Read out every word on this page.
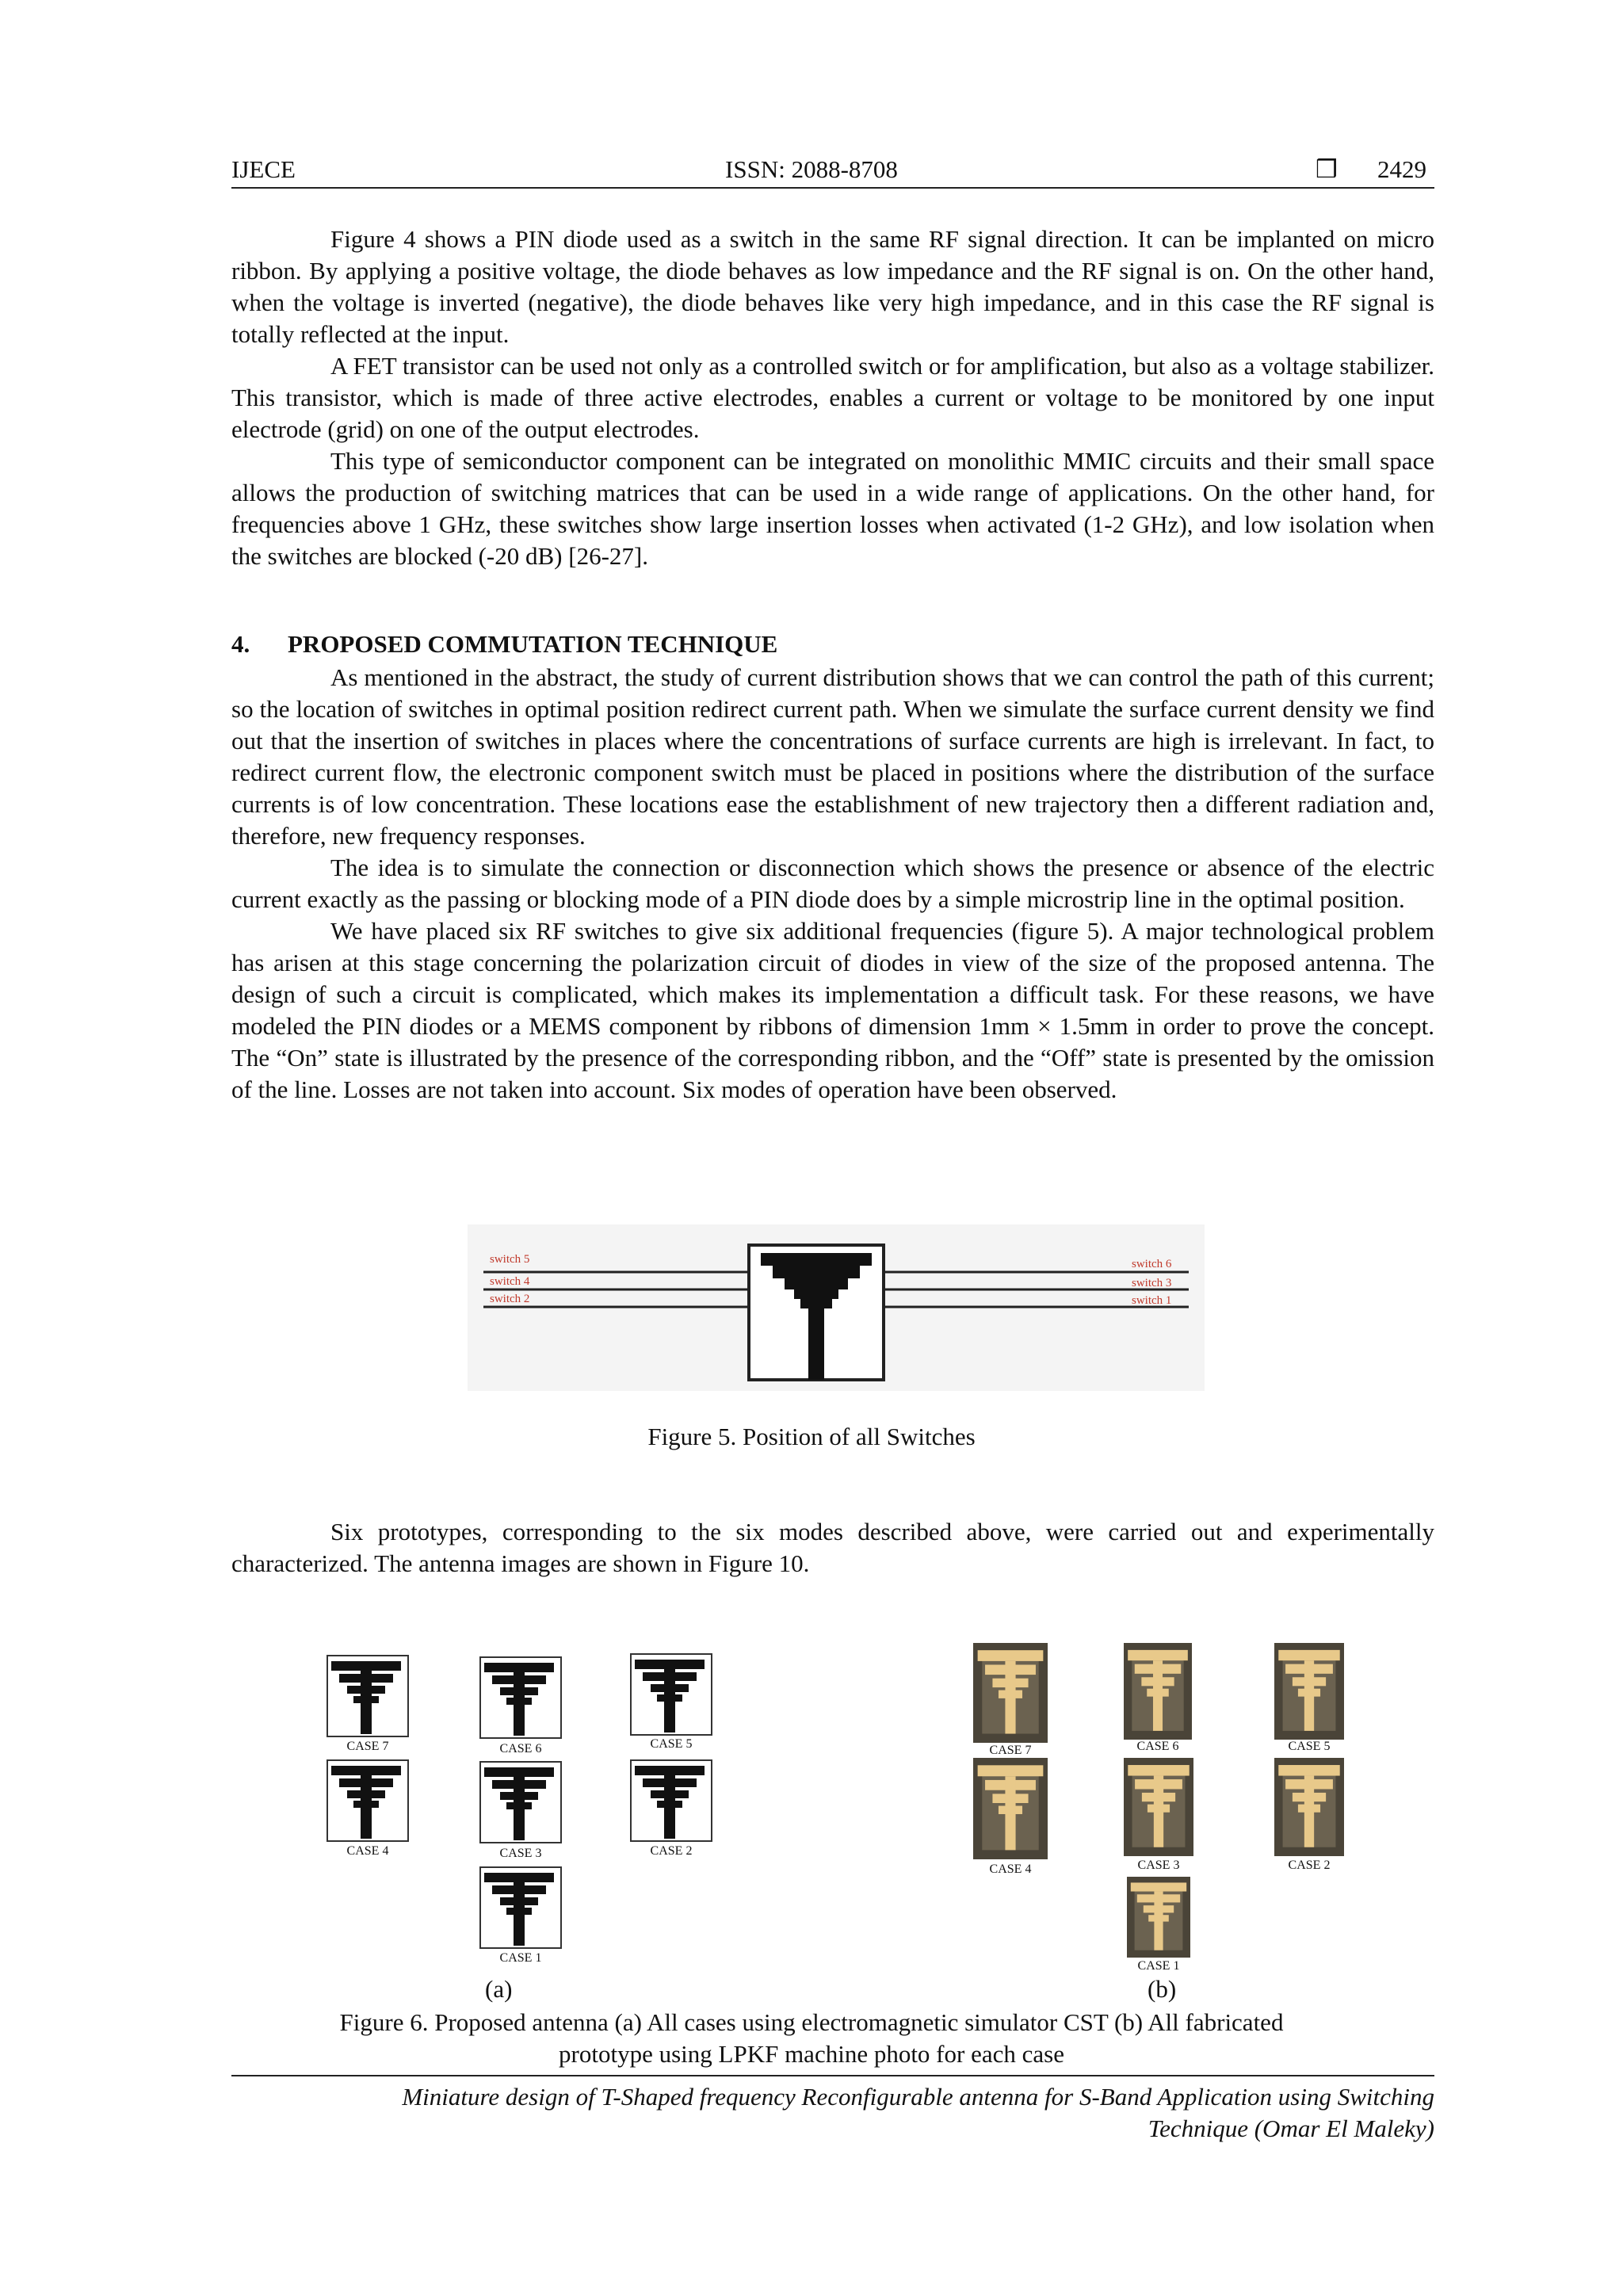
IJECE	ISSN: 2088-8708	❒ 2429

Figure 4 shows a PIN diode used as a switch in the same RF signal direction. It can be implanted on micro ribbon. By applying a positive voltage, the diode behaves as low impedance and the RF signal is on. On the other hand, when the voltage is inverted (negative), the diode behaves like very high impedance, and in this case the RF signal is totally reflected at the input.

A FET transistor can be used not only as a controlled switch or for amplification, but also as a voltage stabilizer. This transistor, which is made of three active electrodes, enables a current or voltage to be monitored by one input electrode (grid) on one of the output electrodes.

This type of semiconductor component can be integrated on monolithic MMIC circuits and their small space allows the production of switching matrices that can be used in a wide range of applications. On the other hand, for frequencies above 1 GHz, these switches show large insertion losses when activated (1-2 GHz), and low isolation when the switches are blocked (-20 dB) [26-27].

4. PROPOSED COMMUTATION TECHNIQUE

As mentioned in the abstract, the study of current distribution shows that we can control the path of this current; so the location of switches in optimal position redirect current path. When we simulate the surface current density we find out that the insertion of switches in places where the concentrations of surface currents are high is irrelevant. In fact, to redirect current flow, the electronic component switch must be placed in positions where the distribution of the surface currents is of low concentration. These locations ease the establishment of new trajectory then a different radiation and, therefore, new frequency responses.

The idea is to simulate the connection or disconnection which shows the presence or absence of the electric current exactly as the passing or blocking mode of a PIN diode does by a simple microstrip line in the optimal position.

We have placed six RF switches to give six additional frequencies (figure 5). A major technological problem has arisen at this stage concerning the polarization circuit of diodes in view of the size of the proposed antenna. The design of such a circuit is complicated, which makes its implementation a difficult task. For these reasons, we have modeled the PIN diodes or a MEMS component by ribbons of dimension 1mm × 1.5mm in order to prove the concept. The “On” state is illustrated by the presence of the corresponding ribbon, and the “Off” state is presented by the omission of the line. Losses are not taken into account. Six modes of operation have been observed.

switch 5
switch 4
switch 2
switch 6
switch 3
switch 1
Figure 5. Position of all Switches

Six prototypes, corresponding to the six modes described above, were carried out and experimentally characterized. The antenna images are shown in Figure 10.

CASE 7	CASE 6	CASE 5
CASE 4	CASE 3	CASE 2
CASE 1
CASE 7	CASE 6	CASE 5
CASE 4	CASE 3	CASE 2
CASE 1
(a)	(b)
Figure 6. Proposed antenna (a) All cases using electromagnetic simulator CST (b) All fabricated
prototype using LPKF machine photo for each case
Miniature design of T-Shaped frequency Reconfigurable antenna for S-Band Application using Switching
Technique (Omar El Maleky)
